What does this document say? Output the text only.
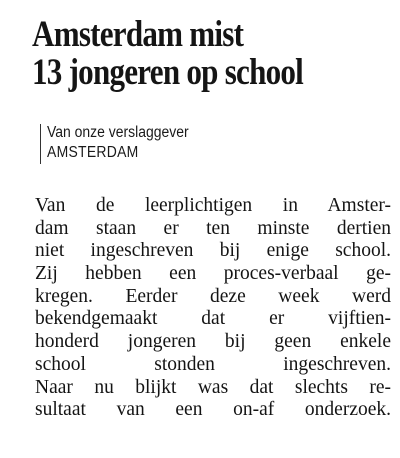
Amsterdam mist
13 jongeren op school
Van onze verslaggever
AMSTERDAM
Van de leerplichtigen in Amster-
dam staan er ten minste dertien
niet ingeschreven bij enige school.
Zij hebben een proces-verbaal ge-
kregen. Eerder deze week werd
bekendgemaakt dat er vijftien-
honderd jongeren bij geen enkele
school stonden ingeschreven.
Naar nu blijkt was dat slechts re-
sultaat van een on-af onderzoek.
